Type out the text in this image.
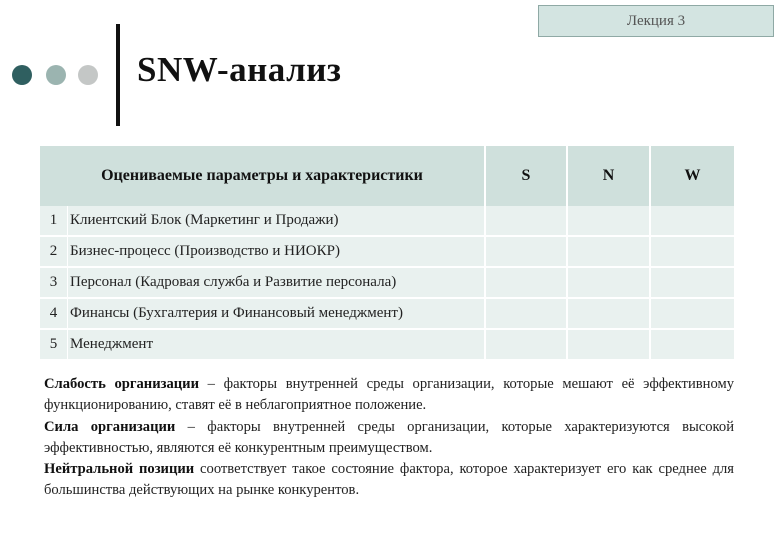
Лекция 3
SNW-анализ
Оцениваемые параметры и характеристики	S	N	W
1 Клиентский Блок (Маркетинг и Продажи)
2 Бизнес-процесс (Производство и НИОКР)
3 Персонал (Кадровая служба и Развитие персонала)
4 Финансы (Бухгалтерия и Финансовый менеджмент)
5 Менеджмент

Слабость организации – факторы внутренней среды организации, которые мешают её эффективному функционированию, ставят её в неблагоприятное положение.

Сила организации – факторы внутренней среды организации, которые характеризуются высокой эффективностью, являются её конкурентным преимуществом.

Нейтральной позиции соответствует такое состояние фактора, которое характеризует его как среднее для большинства действующих на рынке конкурентов.
